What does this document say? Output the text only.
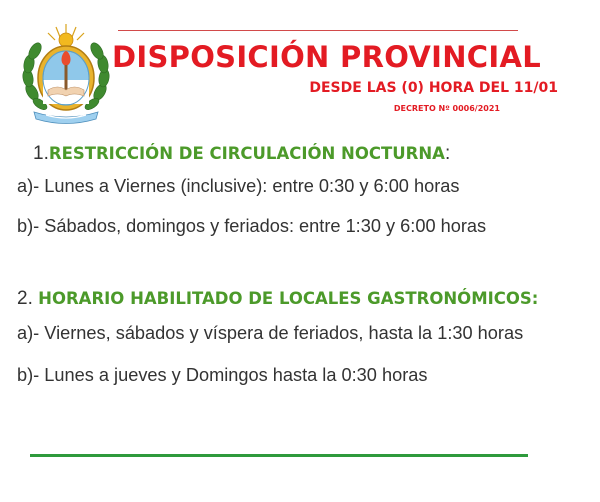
DISPOSICIÓN PROVINCIAL
DESDE LAS (0) HORA DEL 11/01
DECRETO Nº 0006/2021
1.RESTRICCIÓN DE CIRCULACIÓN NOCTURNA:
a)- Lunes a Viernes (inclusive): entre 0:30 y 6:00 horas
b)- Sábados, domingos y feriados: entre 1:30 y 6:00 horas
2. HORARIO HABILITADO DE LOCALES GASTRONÓMICOS:
a)- Viernes, sábados y víspera de feriados, hasta la 1:30 horas
b)- Lunes a jueves y Domingos hasta la 0:30 horas
